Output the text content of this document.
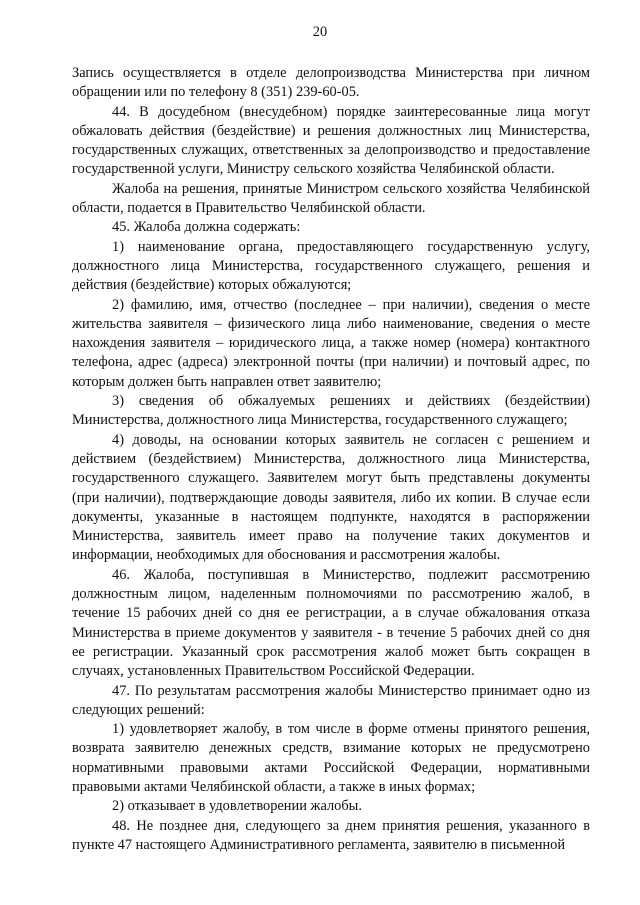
20

Запись осуществляется в отделе делопроизводства Министерства при личном обращении или по телефону 8 (351) 239-60-05.

44. В досудебном (внесудебном) порядке заинтересованные лица могут обжаловать действия (бездействие) и решения должностных лиц Министерства, государственных служащих, ответственных за делопроизводство и предоставление государственной услуги, Министру сельского хозяйства Челябинской области.

Жалоба на решения, принятые Министром сельского хозяйства Челябинской области, подается в Правительство Челябинской области.

45. Жалоба должна содержать:

1) наименование органа, предоставляющего государственную услугу, должностного лица Министерства, государственного служащего, решения и действия (бездействие) которых обжалуются;

2) фамилию, имя, отчество (последнее – при наличии), сведения о месте жительства заявителя – физического лица либо наименование, сведения о месте нахождения заявителя – юридического лица, а также номер (номера) контактного телефона, адрес (адреса) электронной почты (при наличии) и почтовый адрес, по которым должен быть направлен ответ заявителю;

3) сведения об обжалуемых решениях и действиях (бездействии) Министерства, должностного лица Министерства, государственного служащего;

4) доводы, на основании которых заявитель не согласен с решением и действием (бездействием) Министерства, должностного лица Министерства, государственного служащего. Заявителем могут быть представлены документы (при наличии), подтверждающие доводы заявителя, либо их копии. В случае если документы, указанные в настоящем подпункте, находятся в распоряжении Министерства, заявитель имеет право на получение таких документов и информации, необходимых для обоснования и рассмотрения жалобы.

46. Жалоба, поступившая в Министерство, подлежит рассмотрению должностным лицом, наделенным полномочиями по рассмотрению жалоб, в течение 15 рабочих дней со дня ее регистрации, а в случае обжалования отказа Министерства в приеме документов у заявителя - в течение 5 рабочих дней со дня ее регистрации. Указанный срок рассмотрения жалоб может быть сокращен в случаях, установленных Правительством Российской Федерации.

47. По результатам рассмотрения жалобы Министерство принимает одно из следующих решений:

1) удовлетворяет жалобу, в том числе в форме отмены принятого решения, возврата заявителю денежных средств, взимание которых не предусмотрено нормативными правовыми актами Российской Федерации, нормативными правовыми актами Челябинской области, а также в иных формах;

2) отказывает в удовлетворении жалобы.

48. Не позднее дня, следующего за днем принятия решения, указанного в пункте 47 настоящего Административного регламента, заявителю в письменной
